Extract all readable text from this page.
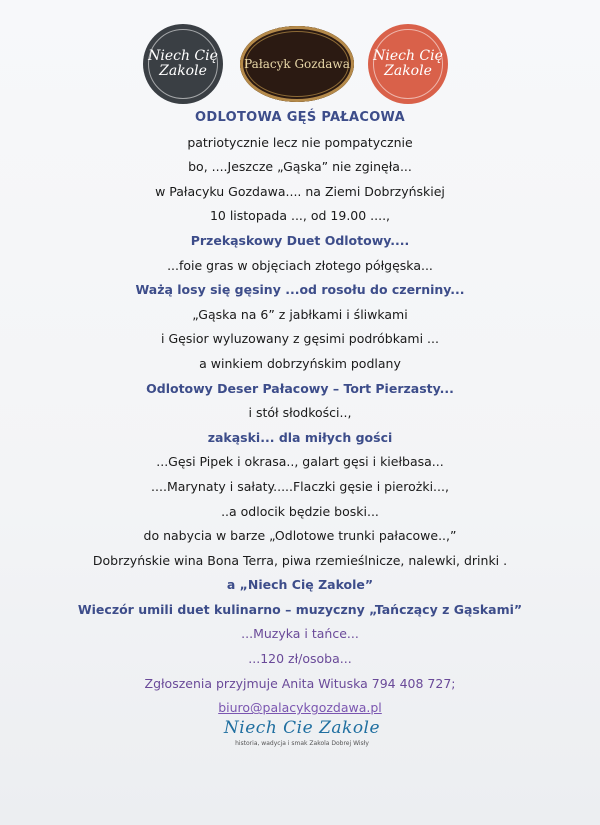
Niech Cię Zakole	Pałacyk Gozdawa	Niech Cię Zakole
ODLOTOWA GĘŚ PAŁACOWA
patriotycznie lecz nie pompatycznie
bo, ....Jeszcze „Gąska” nie zginęła...
w Pałacyku Gozdawa.... na Ziemi Dobrzyńskiej
10 listopada ..., od 19.00 ....,
Przekąskowy Duet Odlotowy....
...foie gras w objęciach złotego półgęska...
Ważą losy się gęsiny ...od rosołu do czerniny...
„Gąska na 6” z jabłkami i śliwkami
i Gęsior wyluzowany z gęsimi podróbkami ...
a winkiem dobrzyńskim podlany
Odlotowy Deser Pałacowy – Tort Pierzasty...
i stół słodkości..,
zakąski... dla miłych gości
...Gęsi Pipek i okrasa.., galart gęsi i kiełbasa...
....Marynaty i sałaty.....Flaczki gęsie i pierożki...,
..a odlocik będzie boski...
do nabycia w barze „Odlotowe trunki pałacowe..,”
Dobrzyńskie wina Bona Terra, piwa rzemieślnicze, nalewki, drinki .
a „Niech Cię Zakole”
Wieczór umili duet kulinarno – muzyczny „Tańczący z Gąskami”
...Muzyka i tańce...
...120 zł/osoba...
Zgłoszenia przyjmuje Anita Wituska 794 408 727;
biuro@palacykgozdawa.pl
Niech Cie Zakole
historia, wadycja i smak Zakola Dobrej Wisły
